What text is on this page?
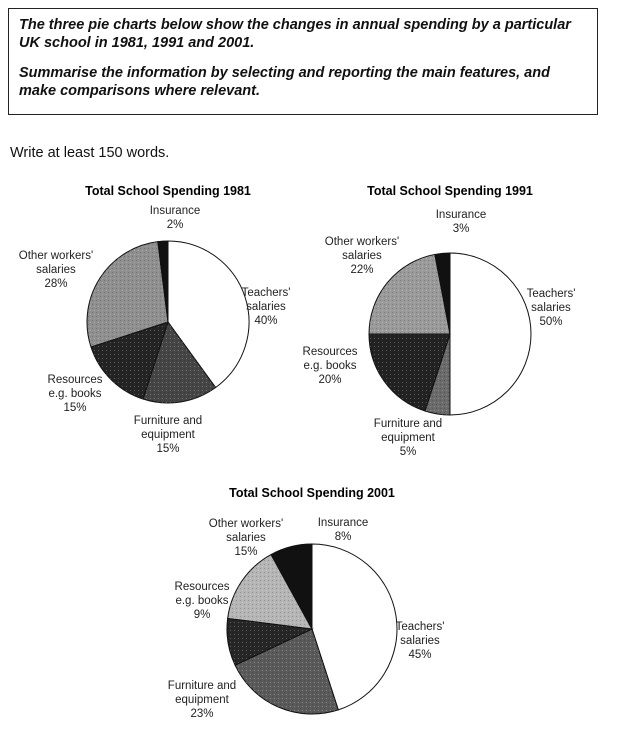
The three pie charts below show the changes in annual spending by a particular UK school in 1981, 1991 and 2001.

Summarise the information by selecting and reporting the main features, and make comparisons where relevant.

Write at least 150 words.
Total School Spending 1981
Teachers' salaries 40%
Furniture and equipment 15%
Resources e.g. books 15%
Other workers' salaries 28%
Insurance 2%
Total School Spending 1991
Teachers' salaries 50%
Furniture and equipment 5%
Resources e.g. books 20%
Other workers' salaries 22%
Insurance 3%
Total School Spending 2001
Teachers' salaries 45%
Furniture and equipment 23%
Resources e.g. books 9%
Other workers' salaries 15%
Insurance 8%
